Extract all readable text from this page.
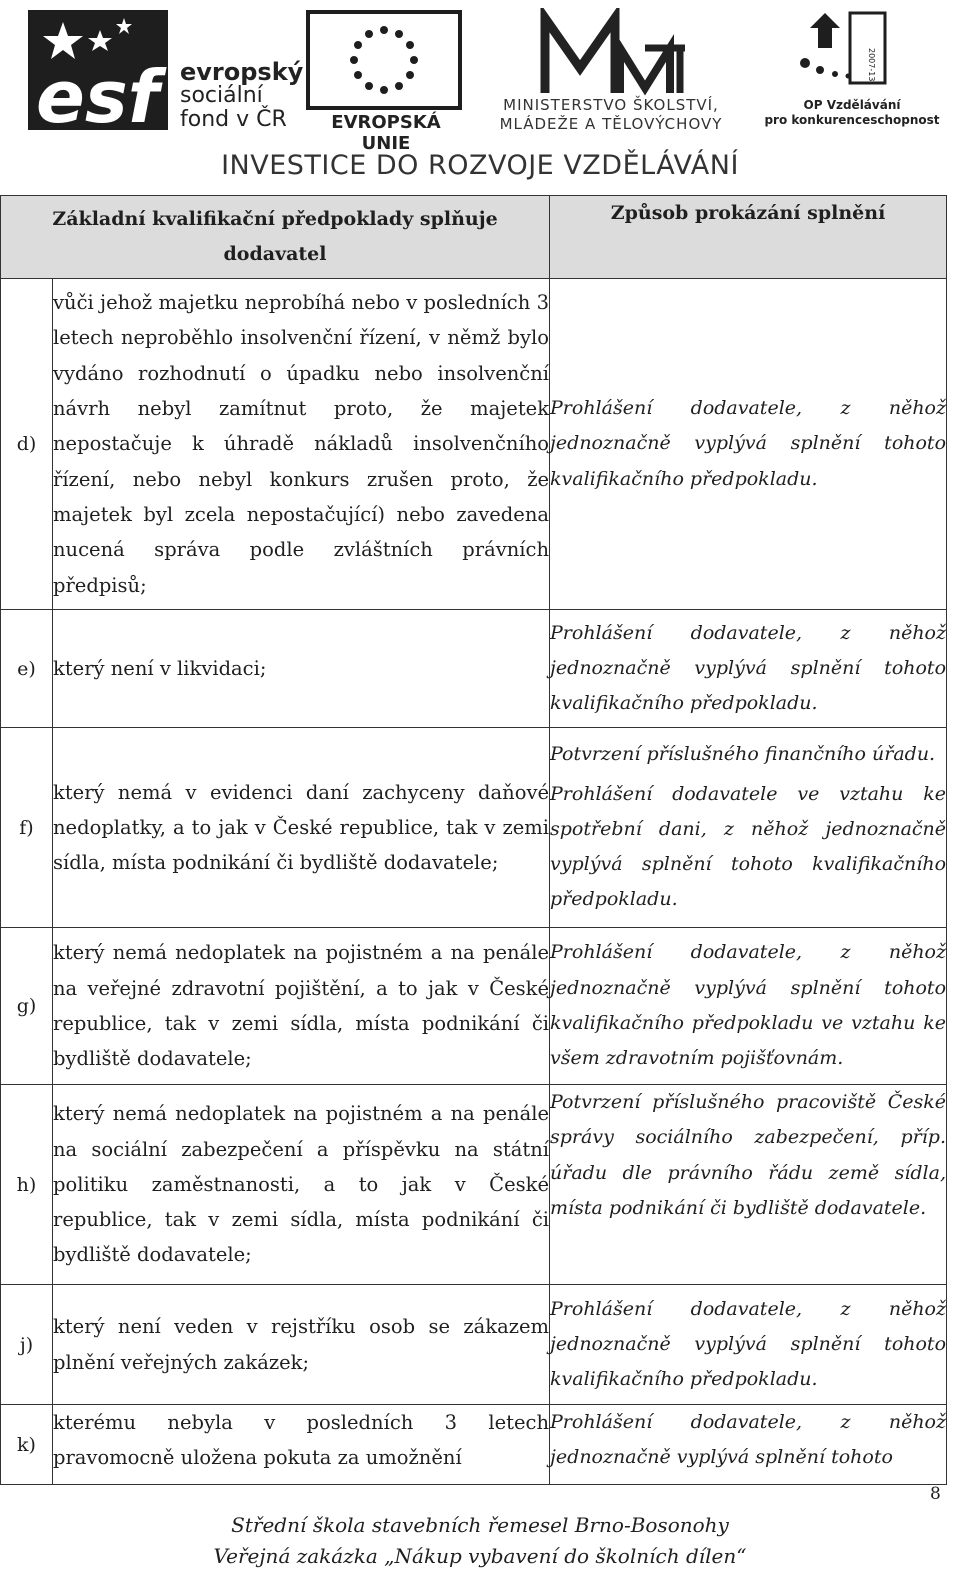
esf evropský
sociální
fond v ČR	EVROPSKÁ UNIE
MINISTERSTVO ŠKOLSTVÍ,
MLÁDEŽE A TĚLOVÝCHOVY
2007-13
OP Vzdělávání
pro konkurenceschopnost
INVESTICE DO ROZVOJE VZDĚLÁVÁNÍ
Základní kvalifikační předpoklady splňuje dodavatel		Způsob prokázání splnění
d)	vůči jehož majetku neprobíhá nebo v posledních 3 letech neproběhlo insolvenční řízení, v němž bylo vydáno rozhodnutí o úpadku nebo insolvenční návrh nebyl zamítnut proto, že majetek nepostačuje k úhradě nákladů insolvenčního řízení, nebo nebyl konkurs zrušen proto, že majetek byl zcela nepostačující) nebo zavedena nucená správa podle zvláštních právních předpisů;	Prohlášení dodavatele, z něhož jednoznačně vyplývá splnění tohoto kvalifikačního předpokladu.
e)	který není v likvidaci;	Prohlášení dodavatele, z něhož jednoznačně vyplývá splnění tohoto kvalifikačního předpokladu.
f)	který nemá v evidenci daní zachyceny daňové nedoplatky, a to jak v České republice, tak v zemi sídla, místa podnikání či bydliště dodavatele;	Potvrzení příslušného finančního úřadu.
Prohlášení dodavatele ve vztahu ke spotřební dani, z něhož jednoznačně vyplývá splnění tohoto kvalifikačního předpokladu.

g)	který nemá nedoplatek na pojistném a na penále na veřejné zdravotní pojištění, a to jak v České republice, tak v zemi sídla, místa podnikání či bydliště dodavatele;	Prohlášení dodavatele, z něhož jednoznačně vyplývá splnění tohoto kvalifikačního předpokladu ve vztahu ke všem zdravotním pojišťovnám.
h)	který nemá nedoplatek na pojistném a na penále na sociální zabezpečení a příspěvku na státní politiku zaměstnanosti, a to jak v České republice, tak v zemi sídla, místa podnikání či bydliště dodavatele;	Potvrzení příslušného pracoviště České správy sociálního zabezpečení, příp. úřadu dle právního řádu země sídla, místa podnikání či bydliště dodavatele.
j)	který není veden v rejstříku osob se zákazem plnění veřejných zakázek;	Prohlášení dodavatele, z něhož jednoznačně vyplývá splnění tohoto kvalifikačního předpokladu.
k)	kterému nebyla v posledních 3 letech pravomocně uložena pokuta za umožnění	Prohlášení dodavatele, z něhož jednoznačně vyplývá splnění tohoto
8
Střední škola stavebních řemesel Brno-Bosonohy
Veřejná zakázka „Nákup vybavení do školních dílen“
